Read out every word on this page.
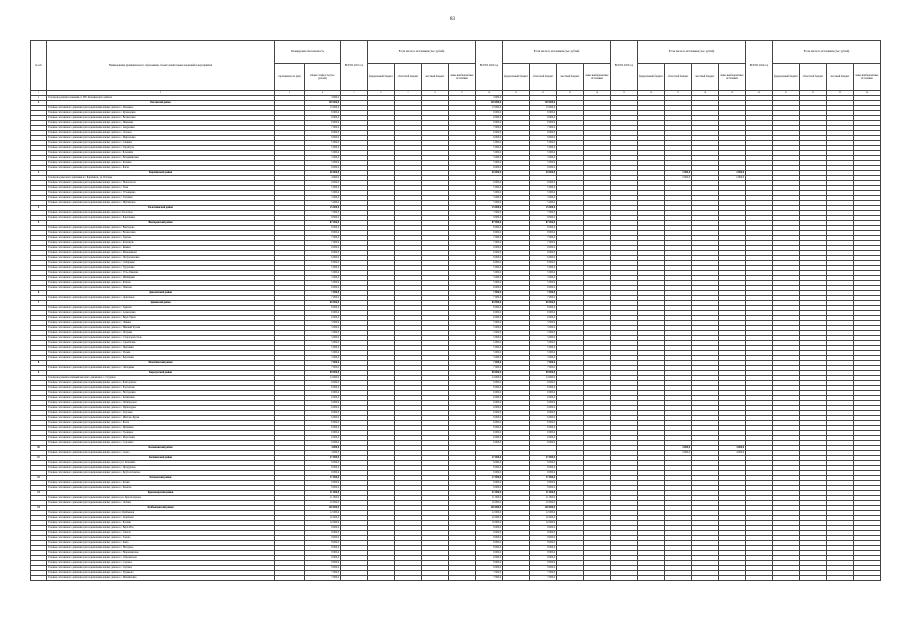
83
№ п/п	Наименование муниципального образования, объекта капитальных вложений и мероприятия	Планируемая обеспеченность		ВСЕГО 2021 год	В том числе по источникам (тыс. рублей)				ВСЕГО 2022 год	В том числе по источникам (тыс. рублей)				ВСЕГО 2023 год	В том числе по источникам (тыс. рублей)				ВСЕГО 2024 год	В том числе по источникам (тыс. рублей)			
		протяженность (км)	общая стоимость (тыс. рублей)		федеральный бюджет	областной бюджет	местный бюджет	иные внебюджетные источники		федеральный бюджет	областной бюджет	местный бюджет	иные внебюджетные источники		федеральный бюджет	областной бюджет	местный бюджет	иные внебюджетные источники		федеральный бюджет	областной бюджет	местный бюджет	иные внебюджетные источники
1	2	3	4	5	6	7	8	9	10	11	12	13	14	15	16	17	18	19	20	21	22	23	24
1	Газопровод межпоселковый от ГРС Колыванского района		3 000,0						3 000,0														
2	Баганский район		130 000,0						130 000,0		130 000,0												
	Газовые сети низкого давления для подключения жилых домов в с. Палецкое		13 000,0						13 000,0		13 000,0												
	Газовые сети низкого давления для подключения жилых домов в с. Кузнецовка		9 000,0						9 000,0		9 000,0												
	Газовые сети низкого давления для подключения жилых домов в с. Вознесенка		8 000,0						8 000,0		8 000,0												
	Газовые сети низкого давления для подключения жилых домов в с. Ивановка		8 000,0						8 000,0		8 000,0												
	Газовые сети низкого давления для подключения жилых домов в с. Андреевка		7 000,0						7 000,0		7 000,0												
	Газовые сети низкого давления для подключения жилых домов в с. Лозовое		6 000,0						6 000,0		6 000,0												
	Газовые сети низкого давления для подключения жилых домов в с. Мироновка		6 000,0						6 000,0		6 000,0												
	Газовые сети низкого давления для подключения жилых домов в с. Савкино		5 000,0						5 000,0		5 000,0												
	Газовые сети низкого давления для подключения жилых домов в с. Теренгуль		5 000,0						5 000,0		5 000,0												
	Газовые сети низкого давления для подключения жилых домов в с. Бочаниха		5 000,0						5 000,0		5 000,0												
	Газовые сети низкого давления для подключения жилых домов в с. Владимировка		5 000,0						5 000,0		5 000,0												
	Газовые сети низкого давления для подключения жилых домов в с. Казанка		5 000,0						5 000,0		5 000,0												
	Газовые сети низкого давления для подключения жилых домов в с. Баган		9 000,0						9 000,0		9 000,0												
3	Барабинский район		46 000,0						46 000,0		40 000,0					2 000,0		2 000,0					
	Газопровод высокого давления в г. Барабинск, ул. Победы		4 000,0													2 000,0		2 000,0					
	Газовые сети низкого давления для подключения жилых домов в с. Новоспасск		6 000,0						6 000,0		6 000,0												
	Газовые сети низкого давления для подключения жилых домов в с. Зюзя		5 000,0						5 000,0		5 000,0												
	Газовые сети низкого давления для подключения жилых домов в с. Устьянцево		5 000,0						5 000,0		5 000,0												
	Газовые сети низкого давления для подключения жилых домов в с. Таскаево		5 000,0						5 000,0		5 000,0												
	Газовые сети низкого давления для подключения жилых домов в с. Шубинское		5 000,0						5 000,0		5 000,0												
4	Болотнинский район		15 000,0						15 000,0		15 000,0												
	Газовые сети низкого давления для подключения жилых домов в г. Болотное		7 000,0						7 000,0		7 000,0												
	Газовые сети низкого давления для подключения жилых домов в с. Баратаевка		8 000,0						8 000,0		8 000,0												
5	Венгеровский район		87 000,0						87 000,0		87 000,0												
	Газовые сети низкого давления для подключения жилых домов в с. Венгерово		9 000,0						9 000,0		9 000,0												
	Газовые сети низкого давления для подключения жилых домов в с. Вознесенка		8 000,0						8 000,0		8 000,0												
	Газовые сети низкого давления для подключения жилых домов в с. Заречье		7 000,0						7 000,0		7 000,0												
	Газовые сети низкого давления для подключения жилых домов в с. Казаткуль		7 000,0						7 000,0		7 000,0												
	Газовые сети низкого давления для подключения жилых домов в с. Киевка		6 000,0						6 000,0		6 000,0												
	Газовые сети низкого давления для подключения жилых домов в с. Меньшиково		6 000,0						6 000,0		6 000,0												
	Газовые сети низкого давления для подключения жилых домов в с. Петропавловка		6 000,0						6 000,0		6 000,0												
	Газовые сети низкого давления для подключения жилых домов в с. Сибирцево		6 000,0						6 000,0		6 000,0												
	Газовые сети низкого давления для подключения жилых домов в с. Туруновка		5 000,0						5 000,0		5 000,0												
	Газовые сети низкого давления для подключения жилых домов в с. Усть-Ламенка		5 000,0						5 000,0		5 000,0												
	Газовые сети низкого давления для подключения жилых домов в с. Шипицино		5 000,0						5 000,0		5 000,0												
	Газовые сети низкого давления для подключения жилых домов в с. Ключи		5 000,0						5 000,0		5 000,0												
	Газовые сети низкого давления для подключения жилых домов в с. Павлово		6 000,0						6 000,0		6 000,0												
6	Доволенский район		7 000,0						7 000,0		7 000,0												
	Газовые сети низкого давления для подключения жилых домов в с. Довольное		7 000,0						7 000,0		7 000,0												
7	Здвинский район		60 000,0						60 000,0		60 000,0												
	Газовые сети низкого давления для подключения жилых домов в с. Здвинск		8 000,0						8 000,0		8 000,0												
	Газовые сети низкого давления для подключения жилых домов в с. Алексеевка		6 000,0						6 000,0		6 000,0												
	Газовые сети низкого давления для подключения жилых домов в с. Верх-Урюм		6 000,0						6 000,0		6 000,0												
	Газовые сети низкого давления для подключения жилых домов в с. Лянино		5 000,0						5 000,0		5 000,0												
	Газовые сети низкого давления для подключения жилых домов в с. Нижний Чулым		5 000,0						5 000,0		5 000,0												
	Газовые сети низкого давления для подключения жилых домов в с. Петраки		5 000,0						5 000,0		5 000,0												
	Газовые сети низкого давления для подключения жилых домов в с. Старогорносталь		5 000,0						5 000,0		5 000,0												
	Газовые сети низкого давления для подключения жилых домов в с. Сарыбалык		5 000,0						5 000,0		5 000,0												
	Газовые сети низкого давления для подключения жилых домов в с. Цветники		5 000,0						5 000,0		5 000,0												
	Газовые сети низкого давления для подключения жилых домов в с. Чулым		5 000,0						5 000,0		5 000,0												
	Газовые сети низкого давления для подключения жилых домов в с. Березовка		5 000,0						5 000,0		5 000,0												
8	Искитимский район		7 000,0						7 000,0		7 000,0												
	Газовые сети низкого давления для подключения жилых домов в с. Лебедевка		7 000,0						7 000,0		7 000,0												
9	Карасукский район		98 000,0						98 000,0		98 000,0												
	Газопровод межпоселковый высокого давления к с. Студеное		14 000,0						14 000,0		14 000,0												
	Газовые сети низкого давления для подключения жилых домов в с. Благодатное		6 000,0						6 000,0		6 000,0												
	Газовые сети низкого давления для подключения жилых домов в с. Рассказово		6 000,0						6 000,0		6 000,0												
	Газовые сети низкого давления для подключения жилых домов в с. Нестеровка		6 000,0						6 000,0		6 000,0												
	Газовые сети низкого давления для подключения жилых домов в с. Калиновка		6 000,0						6 000,0		6 000,0												
	Газовые сети низкого давления для подключения жилых домов в с. Октябрьское		6 000,0						6 000,0		6 000,0												
	Газовые сети низкого давления для подключения жилых домов в с. Чёрнокурья		6 000,0						6 000,0		6 000,0												
	Газовые сети низкого давления для подключения жилых домов в с. Хорошее		6 000,0						6 000,0		6 000,0												
	Газовые сети низкого давления для подключения жилых домов в с. Шилово-Курья		6 000,0						6 000,0		6 000,0												
	Газовые сети низкого давления для подключения жилых домов в с. Белое		6 000,0						6 000,0		6 000,0												
	Газовые сети низкого давления для подключения жилых домов в с. Ирбизино		6 000,0						6 000,0		6 000,0												
	Газовые сети низкого давления для подключения жилых домов в с. Троицкое		6 000,0						6 000,0		6 000,0												
	Газовые сети низкого давления для подключения жилых домов в с. Морозовка		6 000,0						6 000,0		6 000,0												
	Газовые сети низкого давления для подключения жилых домов в с. Сорочиха		6 000,0						6 000,0		6 000,0												
10	Колыванский район		4 000,0													4 000,0		4 000,0					
	Газовые сети низкого давления для подключения жилых домов в с. Скала		4 000,0													4 000,0		4 000,0					
11	Коченевский район		27 000,0						27 000,0		27 000,0												
	Газовые сети низкого давления для подключения жилых домов в р.п. Коченёво		9 000,0						9 000,0		9 000,0												
	Газовые сети низкого давления для подключения жилых домов в с. Прокудское		9 000,0						9 000,0		9 000,0												
	Газовые сети низкого давления для подключения жилых домов в с. Крутологовское		9 000,0						9 000,0		9 000,0												
12	Кочковский район		17 000,0						17 000,0		17 000,0												
	Газовые сети низкого давления для подключения жилых домов в с. Кочки		9 000,0						9 000,0		9 000,0												
	Газовые сети низкого давления для подключения жилых домов в с. Решеты		8 000,0						8 000,0		8 000,0												
13	Краснозерский район		21 000,0						21 000,0		21 000,0												
	Газовые сети низкого давления для подключения жилых домов в р.п. Краснозерское		11 000,0						11 000,0		11 000,0												
	Газовые сети низкого давления для подключения жилых домов в с. Лобино		10 000,0						10 000,0		10 000,0												
14	Куйбышевский район		120 000,0						120 000,0		120 000,0												
	Газовые сети низкого давления для подключения жилых домов в г. Куйбышев		12 000,0						12 000,0		12 000,0												
	Газовые сети низкого давления для подключения жилых домов в с. Абрамово		10 000,0						10 000,0		10 000,0												
	Газовые сети низкого давления для подключения жилых домов в с. Балман		10 000,0						10 000,0		10 000,0												
	Газовые сети низкого давления для подключения жилых домов в с. Верх-Ича		9 000,0						9 000,0		9 000,0												
	Газовые сети низкого давления для подключения жилых домов в с. Гжатск		9 000,0						9 000,0		9 000,0												
	Газовые сети низкого давления для подключения жилых домов в с. Зоново		8 000,0						8 000,0		8 000,0												
	Газовые сети низкого давления для подключения жилых домов в с. Кама		8 000,0						8 000,0		8 000,0												
	Газовые сети низкого давления для подключения жилых домов в с. Нагорное		8 000,0						8 000,0		8 000,0												
	Газовые сети низкого давления для подключения жилых домов в с. Новоичинское		8 000,0						8 000,0		8 000,0												
	Газовые сети низкого давления для подключения жилых домов в с. Отреченское		8 000,0						8 000,0		8 000,0												
	Газовые сети низкого давления для подключения жилых домов в с. Садовое		8 000,0						8 000,0		8 000,0												
	Газовые сети низкого давления для подключения жилых домов в с. Сергино		8 000,0						8 000,0		8 000,0												
	Газовые сети низкого давления для подключения жилых домов в с. Чумаково		7 000,0						7 000,0		7 000,0												
	Газовые сети низкого давления для подключения жилых домов в с. Михайловка		7 000,0						7 000,0		7 000,0												
